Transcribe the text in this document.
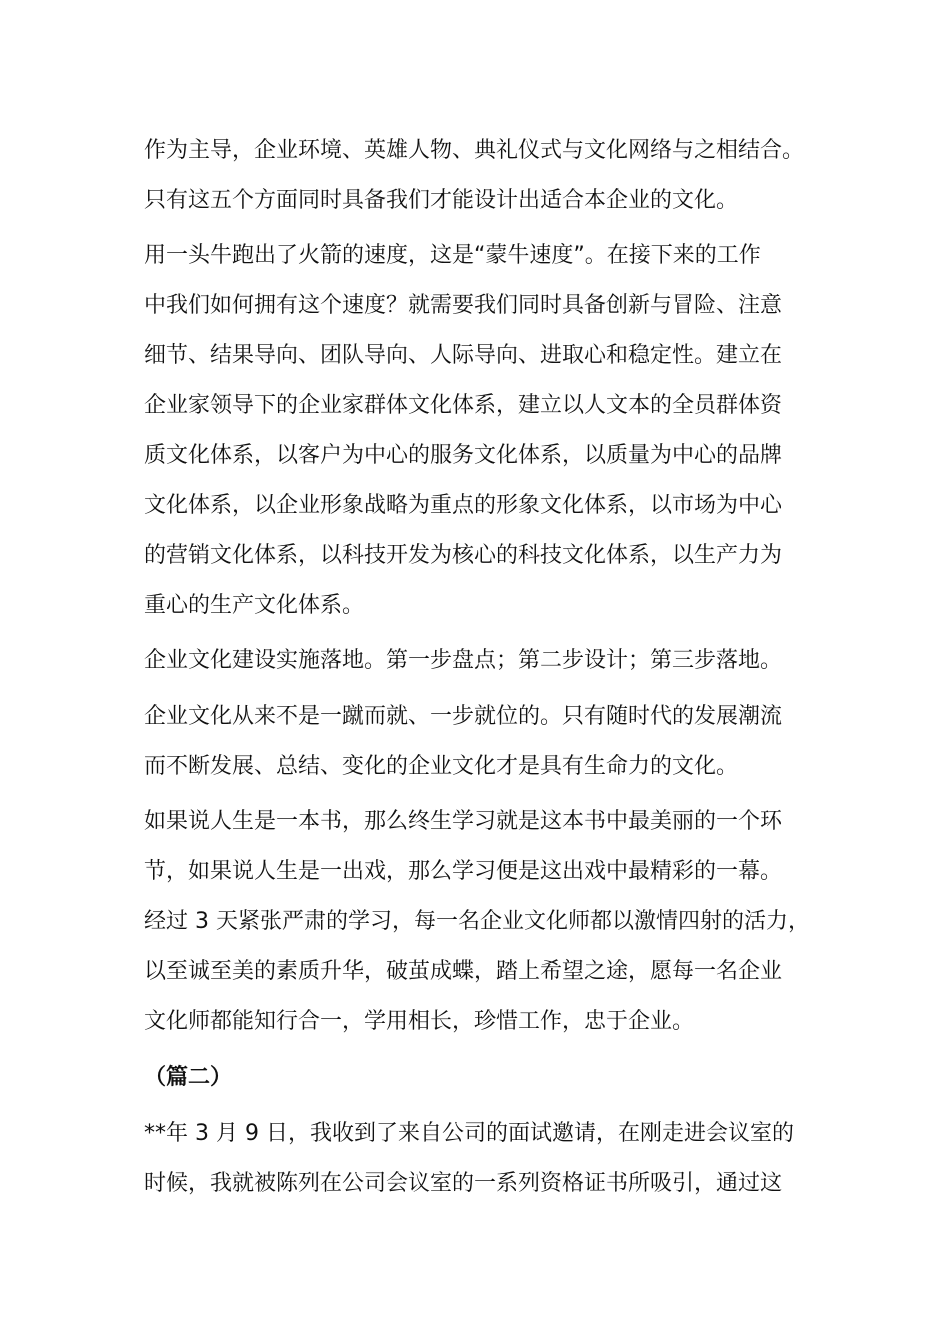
作为主导，企业环境、英雄人物、典礼仪式与文化网络与之相结合。
只有这五个方面同时具备我们才能设计出适合本企业的文化。
用一头牛跑出了火箭的速度，这是“蒙牛速度”。在接下来的工作
中我们如何拥有这个速度？就需要我们同时具备创新与冒险、注意
细节、结果导向、团队导向、人际导向、进取心和稳定性。建立在
企业家领导下的企业家群体文化体系，建立以人文本的全员群体资
质文化体系，以客户为中心的服务文化体系，以质量为中心的品牌
文化体系，以企业形象战略为重点的形象文化体系，以市场为中心
的营销文化体系，以科技开发为核心的科技文化体系，以生产力为
重心的生产文化体系。
企业文化建设实施落地。第一步盘点；第二步设计；第三步落地。
企业文化从来不是一蹴而就、一步就位的。只有随时代的发展潮流
而不断发展、总结、变化的企业文化才是具有生命力的文化。
如果说人生是一本书，那么终生学习就是这本书中最美丽的一个环
节，如果说人生是一出戏，那么学习便是这出戏中最精彩的一幕。
经过 3 天紧张严肃的学习，每一名企业文化师都以激情四射的活力，
以至诚至美的素质升华，破茧成蝶，踏上希望之途，愿每一名企业
文化师都能知行合一，学用相长，珍惜工作，忠于企业。
（篇二）
**年 3 月 9 日，我收到了来自公司的面试邀请，在刚走进会议室的
时候，我就被陈列在公司会议室的一系列资格证书所吸引，通过这
